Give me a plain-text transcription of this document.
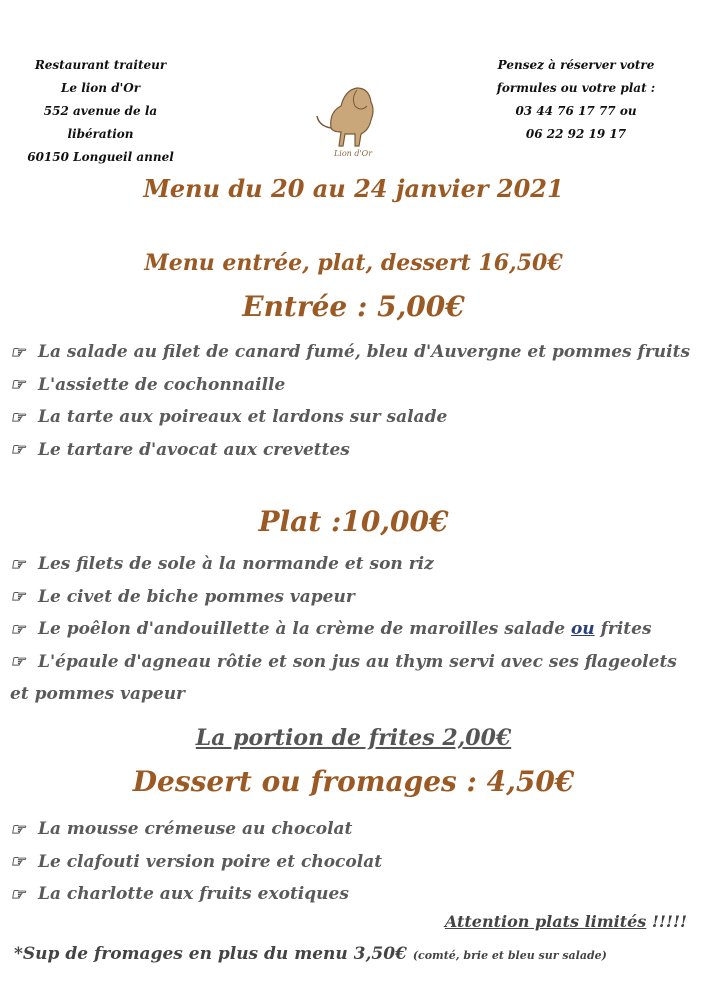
Restaurant traiteur
Le lion d'Or
552 avenue de la
libération
60150 Longueil annel	Lion d'Or
Pensez à réserver votre
formules ou votre plat :
03 44 76 17 77 ou
06 22 92 19 17
Menu du 20 au 24 janvier 2021
Menu entrée, plat, dessert 16,50€
Entrée : 5,00€
☞ La salade au filet de canard fumé, bleu d'Auvergne et pommes fruits
☞ L'assiette de cochonnaille
☞ La tarte aux poireaux et lardons sur salade
☞ Le tartare d'avocat aux crevettes
Plat :10,00€
☞ Les filets de sole à la normande et son riz
☞ Le civet de biche pommes vapeur
☞ Le poêlon d'andouillette à la crème de maroilles salade ou frites
☞ L'épaule d'agneau rôtie et son jus au thym servi avec ses flageolets et pommes vapeur
La portion de frites 2,00€
Dessert ou fromages : 4,50€
☞ La mousse crémeuse au chocolat
☞ Le clafouti version poire et chocolat
☞ La charlotte aux fruits exotiques
Attention plats limités !!!!!
*Sup de fromages en plus du menu 3,50€ (comté, brie et bleu sur salade)
